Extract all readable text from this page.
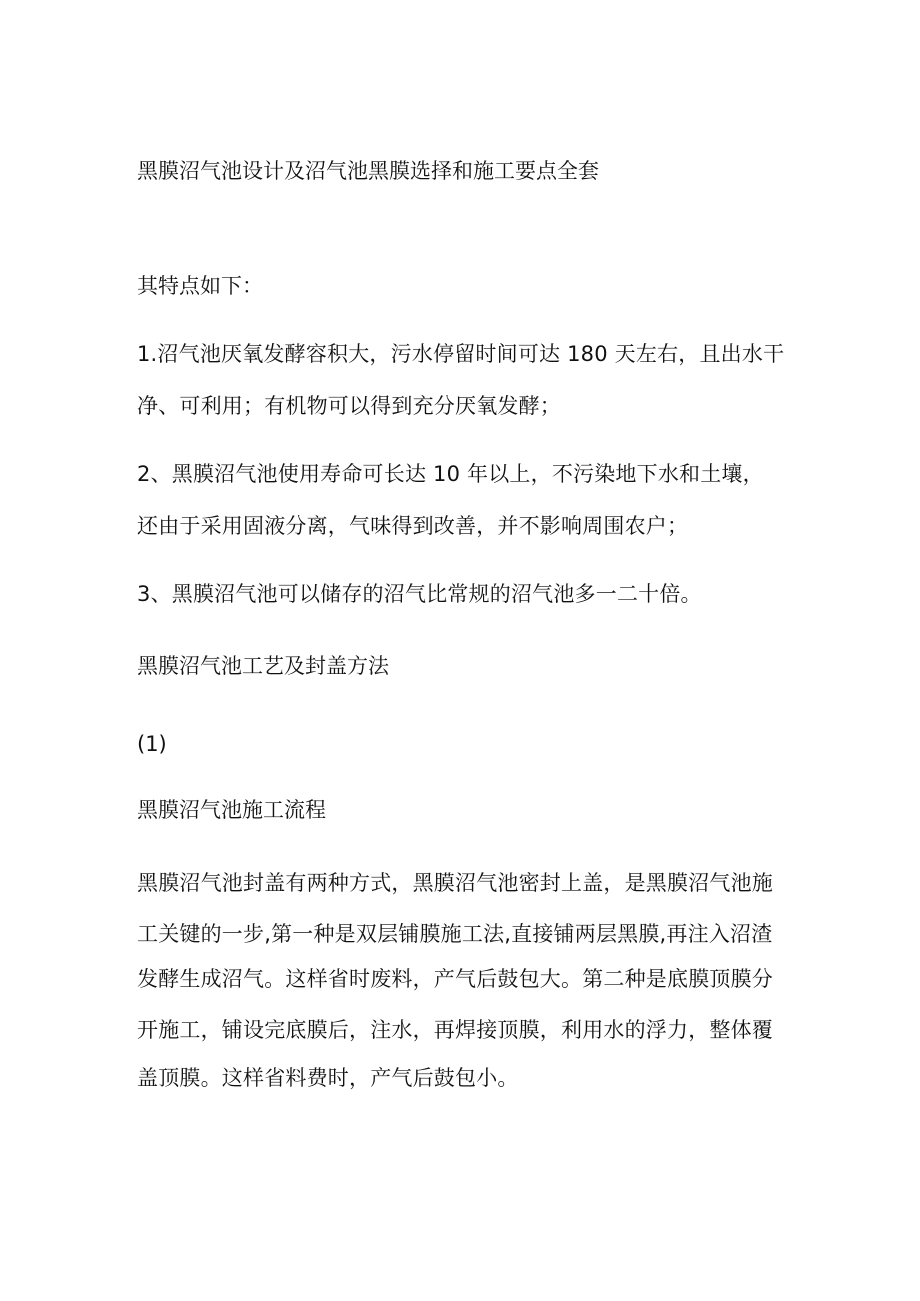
黑膜沼气池设计及沼气池黑膜选择和施工要点全套

其特点如下：

1.沼气池厌氧发酵容积大，污水停留时间可达 180 天左右，且出水干

净、可利用；有机物可以得到充分厌氧发酵；

2、黑膜沼气池使用寿命可长达 10 年以上，不污染地下水和土壤，

还由于采用固液分离，气味得到改善，并不影响周围农户；

3、黑膜沼气池可以储存的沼气比常规的沼气池多一二十倍。

黑膜沼气池工艺及封盖方法

(1)

黑膜沼气池施工流程

黑膜沼气池封盖有两种方式，黑膜沼气池密封上盖，是黑膜沼气池施

工关键的一步,第一种是双层铺膜施工法,直接铺两层黑膜,再注入沼渣

发酵生成沼气。这样省时废料，产气后鼓包大。第二种是底膜顶膜分

开施工，铺设完底膜后，注水，再焊接顶膜，利用水的浮力，整体覆

盖顶膜。这样省料费时，产气后鼓包小。
